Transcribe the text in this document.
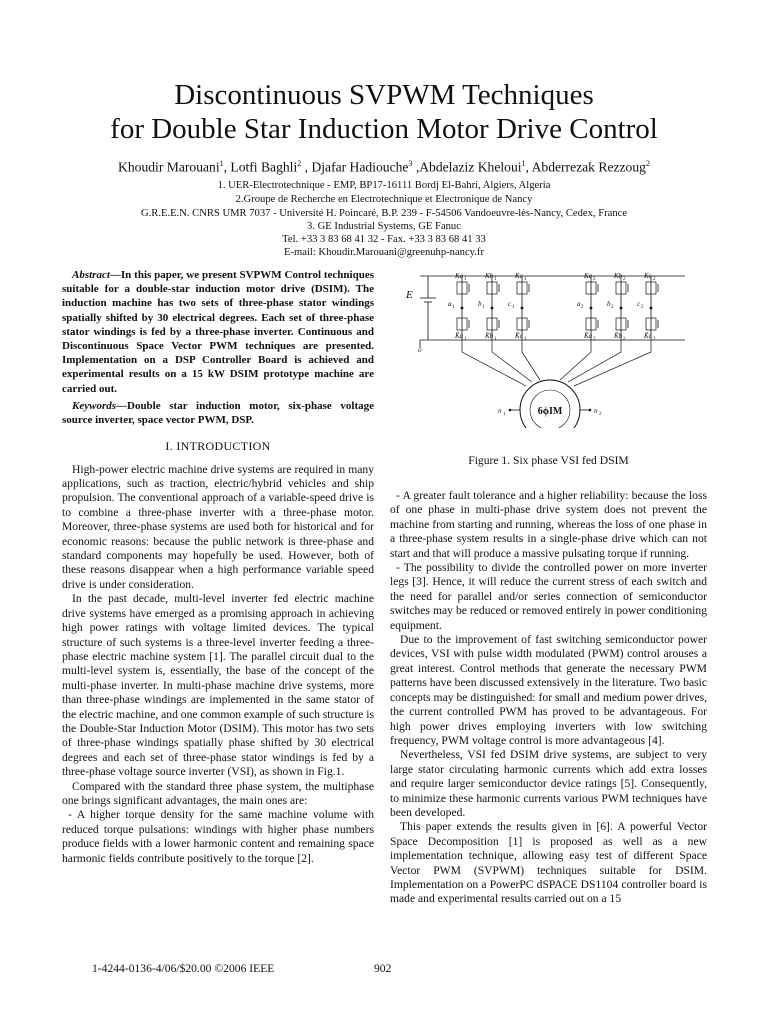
Discontinuous SVPWM Techniques
for Double Star Induction Motor Drive Control
Khoudir Marouani$^1$, Lotfi Baghli$^2$ , Djafar Hadiouche$^3$ ,Abdelaziz Kheloui$^1$, Abderrezak Rezzoug$^2$
1. UER-Electrotechnique - EMP, BP17-16111 Bordj El-Bahri, Algiers, Algeria
2.Groupe de Recherche en Electrotechnique et Electronique de Nancy
G.R.E.E.N. CNRS UMR 7037 - Université H. Poincaré, B.P. 239 - F-54506 Vandoeuvre-lès-Nancy, Cedex, France
3. GE Industrial Systems, GE Fanuc
Tel. +33 3 83 68 41 32 - Fax. +33 3 83 68 41 33
E-mail: Khoudir.Marouani@greenuhp-nancy.fr

Abstract—In this paper, we present SVPWM Control techniques suitable for a double-star induction motor drive (DSIM). The induction machine has two sets of three-phase stator windings spatially shifted by 30 electrical degrees. Each set of three-phase stator windings is fed by a three-phase inverter. Continuous and Discontinuous Space Vector PWM techniques are presented. Implementation on a DSP Controller Board is achieved and experimental results on a 15 kW DSIM prototype machine are carried out.

Keywords—Double star induction motor, six-phase voltage source inverter, space vector PWM, DSP.

I. INTRODUCTION

High-power electric machine drive systems are required in many applications, such as traction, electric/hybrid vehicles and ship propulsion. The conventional approach of a variable-speed drive is to combine a three-phase inverter with a three-phase motor. Moreover, three-phase systems are used both for historical and for economic reasons: because the public network is three-phase and standard components may hopefully be used. However, both of these reasons disappear when a high performance variable speed drive is under consideration.

In the past decade, multi-level inverter fed electric machine drive systems have emerged as a promising approach in achieving high power ratings with voltage limited devices. The typical structure of such systems is a three-level inverter feeding a three-phase electric machine system [1]. The parallel circuit dual to the multi-level system is, essentially, the base of the concept of the multi-phase inverter. In multi-phase machine drive systems, more than three-phase windings are implemented in the same stator of the electric machine, and one common example of such structure is the Double-Star Induction Motor (DSIM). This motor has two sets of three-phase windings spatially phase shifted by 30 electrical degrees and each set of three-phase stator windings is fed by a three-phase voltage source inverter (VSI), as shown in Fig.1.

Compared with the standard three phase system, the multiphase one brings significant advantages, the main ones are:

- A higher torque density for the same machine volume with reduced torque pulsations: windings with higher phase numbers produce fields with a lower harmonic content and remaining space harmonic fields contribute positively to the torque [2].

E
o
Ka 1
K̄a 1
a 1
Kb 1
K̄b 1
b 1
Kc 1
K̄c 1
c 1
Ka 2
K̄a 2
a 2
Kb 2
K̄b 2
b 2
Kc 2
K̄c 2
c 2
6ϕIM
n 1	n 2
Figure 1. Six phase VSI fed DSIM

- A greater fault tolerance and a higher reliability: because the loss of one phase in multi-phase drive system does not prevent the machine from starting and running, whereas the loss of one phase in a three-phase system results in a single-phase drive which can not start and that will produce a massive pulsating torque if running.

- The possibility to divide the controlled power on more inverter legs [3]. Hence, it will reduce the current stress of each switch and the need for parallel and/or series connection of semiconductor switches may be reduced or removed entirely in power conditioning equipment.

Due to the improvement of fast switching semiconductor power devices, VSI with pulse width modulated (PWM) control arouses a great interest. Control methods that generate the necessary PWM patterns have been discussed extensively in the literature. Two basic concepts may be distinguished: for small and medium power drives, the current controlled PWM has proved to be advantageous. For high power drives employing inverters with low switching frequency, PWM voltage control is more advantageous [4].

Nevertheless, VSI fed DSIM drive systems, are subject to very large stator circulating harmonic currents which add extra losses and require larger semiconductor device ratings [5]. Consequently, to minimize these harmonic currents various PWM techniques have been developed.

This paper extends the results given in [6]. A powerful Vector Space Decomposition [1] is proposed as well as a new implementation technique, allowing easy test of different Space Vector PWM (SVPWM) techniques suitable for DSIM. Implementation on a PowerPC dSPACE DS1104 controller board is made and experimental results carried out on a 15

1-4244-0136-4/06/$20.00 ©2006 IEEE	902
